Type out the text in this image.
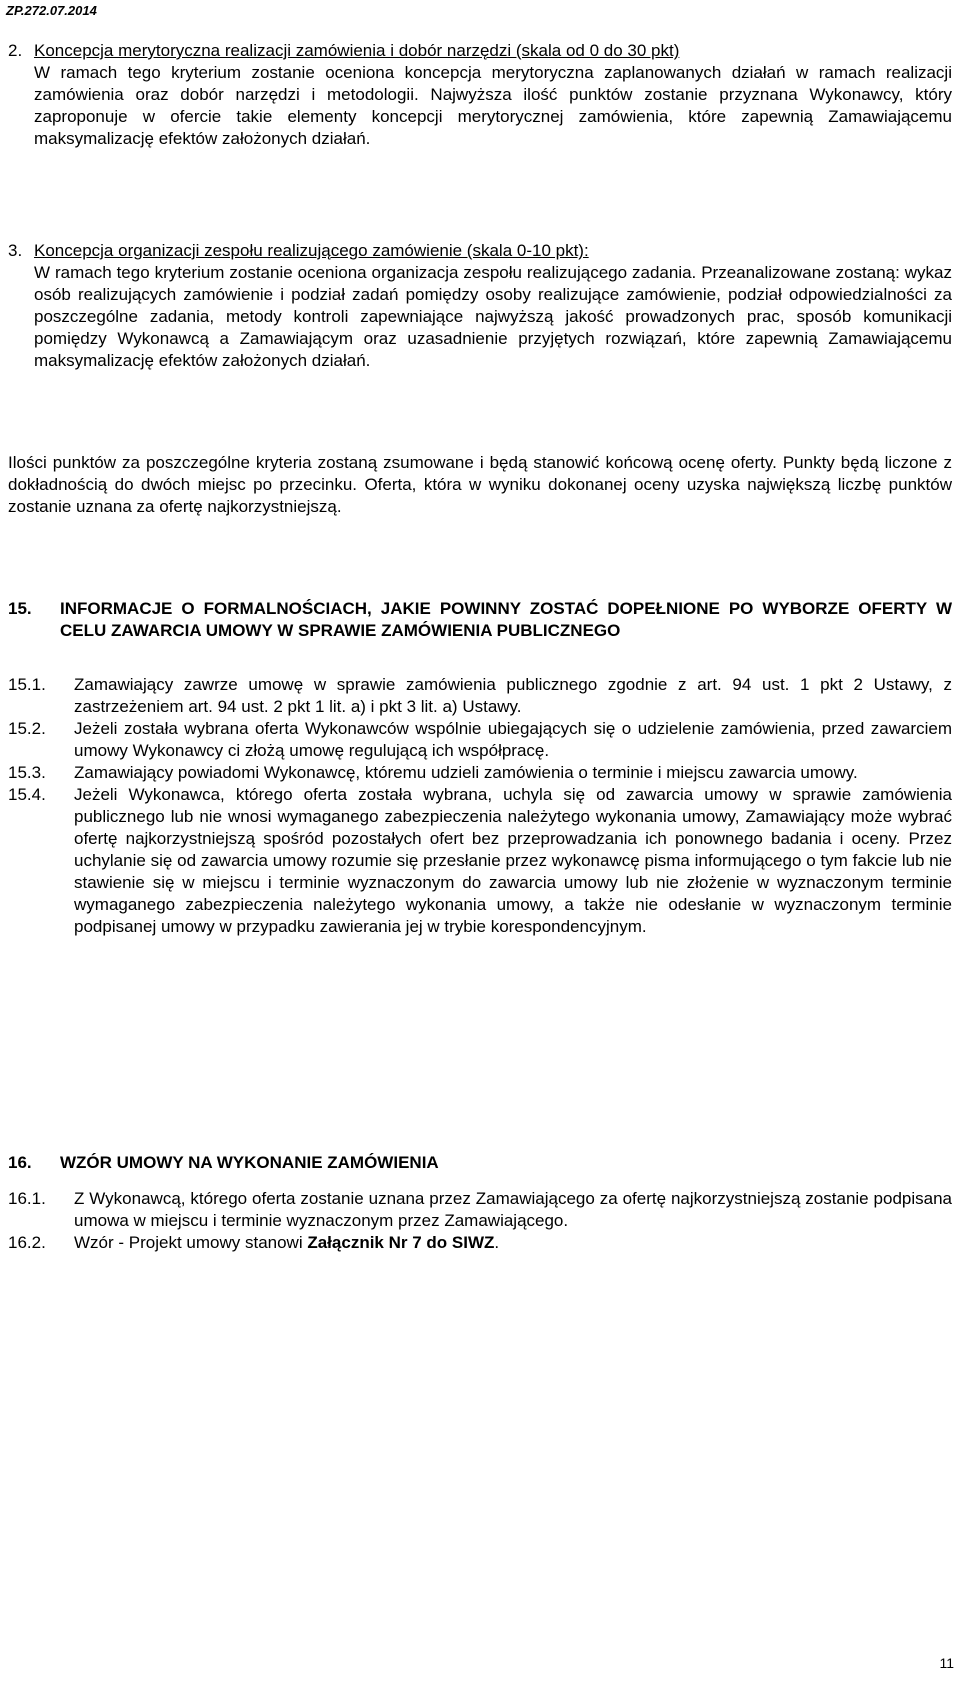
ZP.272.07.2014
2. Koncepcja merytoryczna realizacji zamówienia i dobór narzędzi (skala od 0 do 30 pkt)
W ramach tego kryterium zostanie oceniona koncepcja merytoryczna zaplanowanych działań w ramach realizacji zamówienia oraz dobór narzędzi i metodologii. Najwyższa ilość punktów zostanie przyznana Wykonawcy, który zaproponuje w ofercie takie elementy koncepcji merytorycznej zamówienia, które zapewnią Zamawiającemu maksymalizację efektów założonych działań.
3. Koncepcja organizacji zespołu realizującego zamówienie (skala 0-10 pkt):
W ramach tego kryterium zostanie oceniona organizacja zespołu realizującego zadania. Przeanalizowane zostaną: wykaz osób realizujących zamówienie i podział zadań pomiędzy osoby realizujące zamówienie, podział odpowiedzialności za poszczególne zadania, metody kontroli zapewniające najwyższą jakość prowadzonych prac, sposób komunikacji pomiędzy Wykonawcą a Zamawiającym oraz uzasadnienie przyjętych rozwiązań, które zapewnią Zamawiającemu maksymalizację efektów założonych działań.
Ilości punktów za poszczególne kryteria zostaną zsumowane i będą stanowić końcową ocenę oferty. Punkty będą liczone z dokładnością do dwóch miejsc po przecinku. Oferta, która w wyniku dokonanej oceny uzyska największą liczbę punktów zostanie uznana za ofertę najkorzystniejszą.
15.	INFORMACJE O FORMALNOŚCIACH, JAKIE POWINNY ZOSTAĆ DOPEŁNIONE PO WYBORZE OFERTY W CELU ZAWARCIA UMOWY W SPRAWIE ZAMÓWIENIA PUBLICZNEGO
15.1.	Zamawiający zawrze umowę w sprawie zamówienia publicznego zgodnie z art. 94 ust. 1 pkt 2 Ustawy, z zastrzeżeniem art. 94 ust. 2 pkt 1 lit. a) i pkt 3 lit. a) Ustawy.
15.2.	Jeżeli została wybrana oferta Wykonawców wspólnie ubiegających się o udzielenie zamówienia, przed zawarciem umowy Wykonawcy ci złożą umowę regulującą ich współpracę.
15.3.	Zamawiający powiadomi Wykonawcę, któremu udzieli zamówienia o terminie i miejscu zawarcia umowy.
15.4.	Jeżeli Wykonawca, którego oferta została wybrana, uchyla się od zawarcia umowy w sprawie zamówienia publicznego lub nie wnosi wymaganego zabezpieczenia należytego wykonania umowy, Zamawiający może wybrać ofertę najkorzystniejszą spośród pozostałych ofert bez przeprowadzania ich ponownego badania i oceny. Przez uchylanie się od zawarcia umowy rozumie się przesłanie przez wykonawcę pisma informującego o tym fakcie lub nie stawienie się w miejscu i terminie wyznaczonym do zawarcia umowy lub nie złożenie w wyznaczonym terminie wymaganego zabezpieczenia należytego wykonania umowy, a także nie odesłanie w wyznaczonym terminie podpisanej umowy w przypadku zawierania jej w trybie korespondencyjnym.
16.	WZÓR UMOWY NA WYKONANIE ZAMÓWIENIA
16.1.	Z Wykonawcą, którego oferta zostanie uznana przez Zamawiającego za ofertę najkorzystniejszą zostanie podpisana umowa w miejscu i terminie wyznaczonym przez Zamawiającego.
16.2.	Wzór - Projekt umowy stanowi Załącznik Nr 7 do SIWZ.
11
